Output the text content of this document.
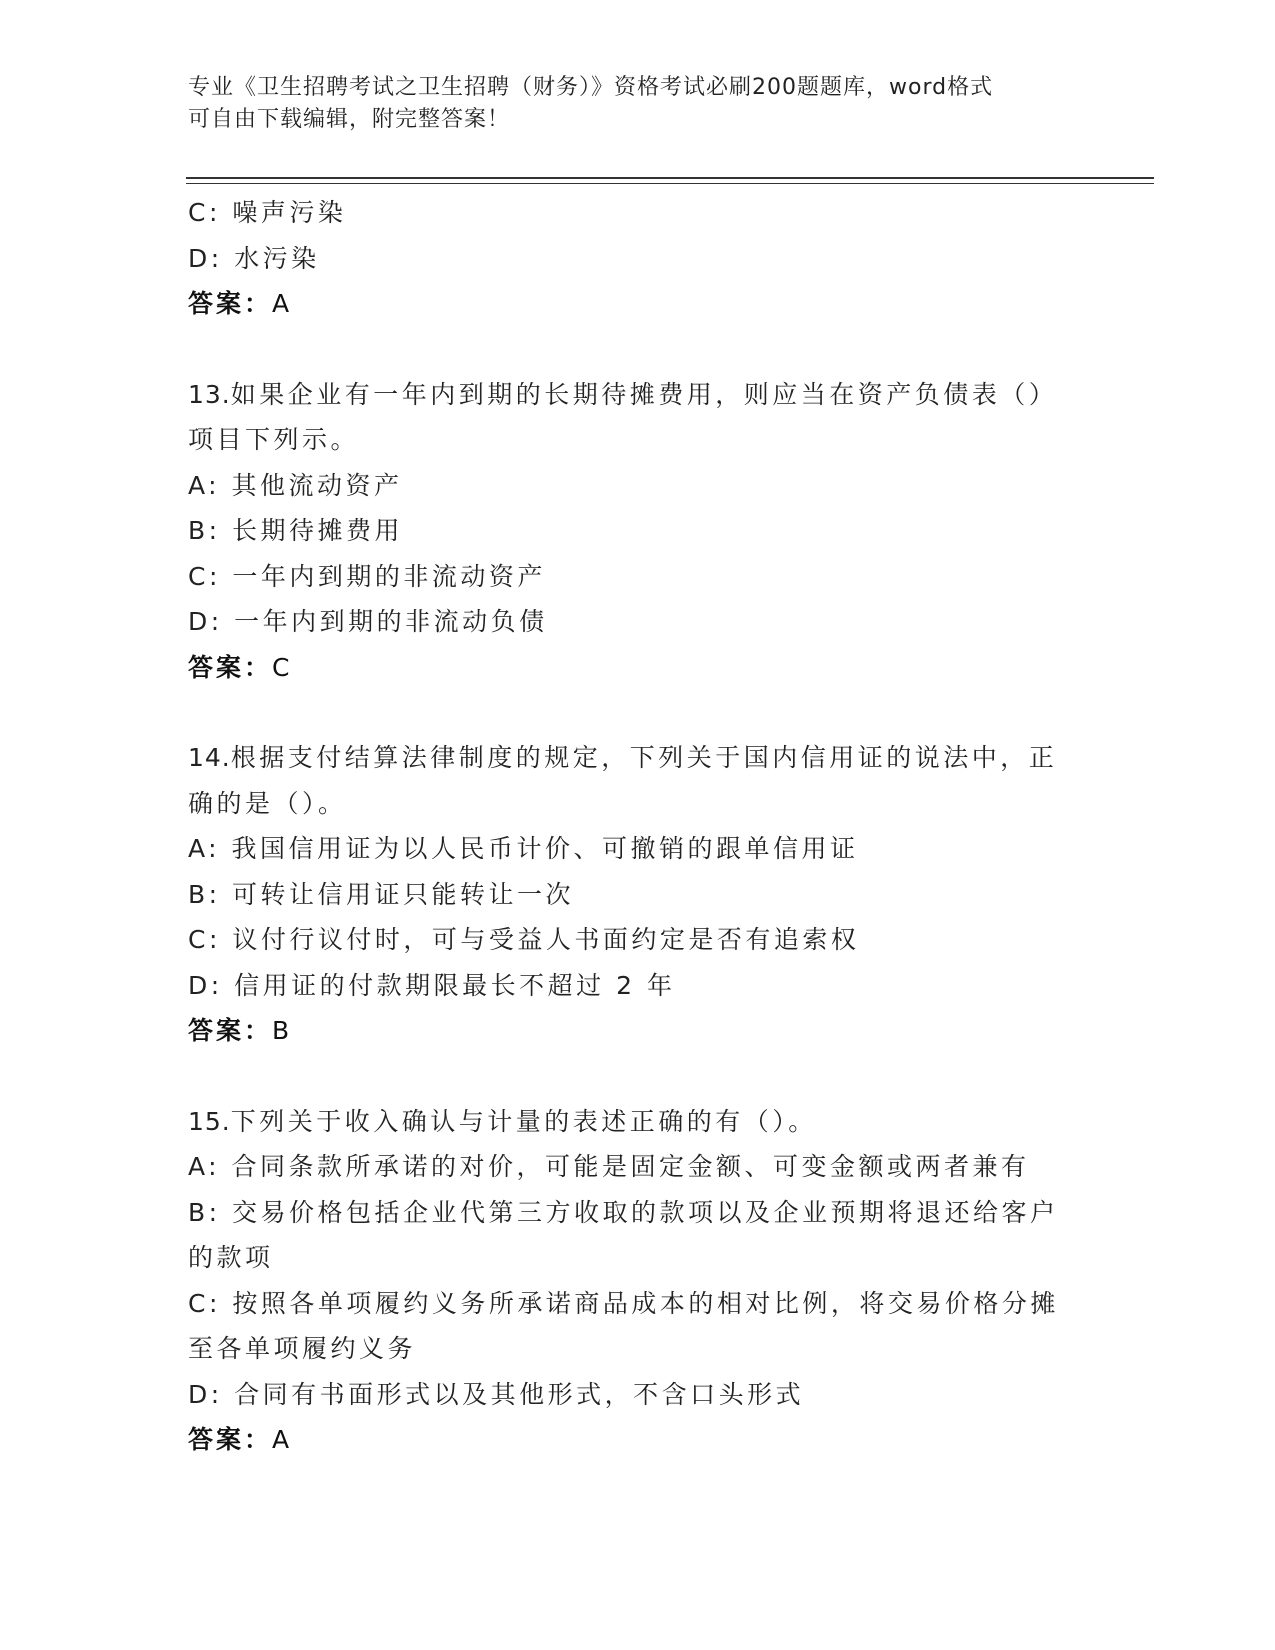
专业《卫生招聘考试之卫生招聘（财务）》资格考试必刷200题题库，word格式
可自由下载编辑，附完整答案！
C: 噪声污染
D: 水污染
答案：A
13.如果企业有一年内到期的长期待摊费用，则应当在资产负债表（）
项目下列示。
A: 其他流动资产
B: 长期待摊费用
C: 一年内到期的非流动资产
D: 一年内到期的非流动负债
答案：C
14.根据支付结算法律制度的规定，下列关于国内信用证的说法中，正
确的是（）。
A: 我国信用证为以人民币计价、可撤销的跟单信用证
B: 可转让信用证只能转让一次
C: 议付行议付时，可与受益人书面约定是否有追索权
D: 信用证的付款期限最长不超过 2 年
答案：B
15.下列关于收入确认与计量的表述正确的有（）。
A: 合同条款所承诺的对价，可能是固定金额、可变金额或两者兼有
B: 交易价格包括企业代第三方收取的款项以及企业预期将退还给客户
的款项
C: 按照各单项履约义务所承诺商品成本的相对比例，将交易价格分摊
至各单项履约义务
D: 合同有书面形式以及其他形式，不含口头形式
答案：A
